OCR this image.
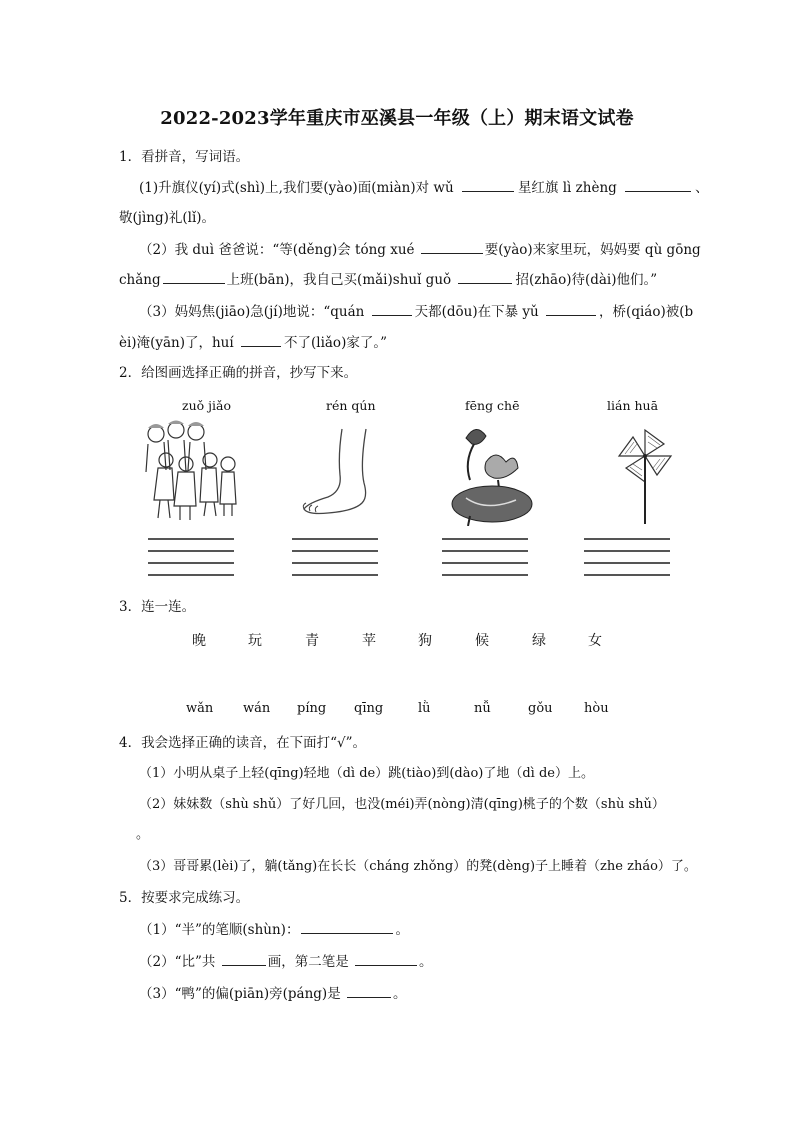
2022-2023学年重庆市巫溪县一年级（上）期末语文试卷
1．看拼音，写词语。
(1)升旗仪(yí)式(shì)上,我们要(yào)面(miàn)对 wǔ	星红旗 lì zhèng	、
敬(jìng)礼(lǐ)。
（2）我 duì 爸爸说：“等(děng)会 tóng xué	要(yào)来家里玩，妈妈要 qù gōng
chǎng	上班(bān)，我自己买(mǎi)shuǐ guǒ	招(zhāo)待(dài)他们。”
（3）妈妈焦(jiāo)急(jí)地说：“quán	天都(dōu)在下暴 yǔ	，桥(qiáo)被(b
èi)淹(yān)了，huí	不了(liǎo)家了。”
2．给图画选择正确的拼音，抄写下来。
zuǒ jiǎo	rén qún	fēng chē	lián huā
3．连一连。
晚	玩	青	苹	狗	候	绿	女
wǎn wán píng qīng	lǜ	nǚ	gǒu hòu
4．我会选择正确的读音，在下面打“√”。
（1）小明从桌子上轻(qīng)轻地（dì de）跳(tiào)到(dào)了地（dì de）上。
（2）妹妹数（shù shǔ）了好几回，也没(méi)弄(nòng)清(qīng)桃子的个数（shù shǔ）
。
（3）哥哥累(lèi)了，躺(tǎng)在长长（cháng zhǒng）的凳(dèng)子上睡着（zhe zháo）了。
5．按要求完成练习。
（1）“半”的笔顺(shùn)：	。
（2）“比”共	画，第二笔是	。
（3）“鸭”的偏(piān)旁(páng)是	。
